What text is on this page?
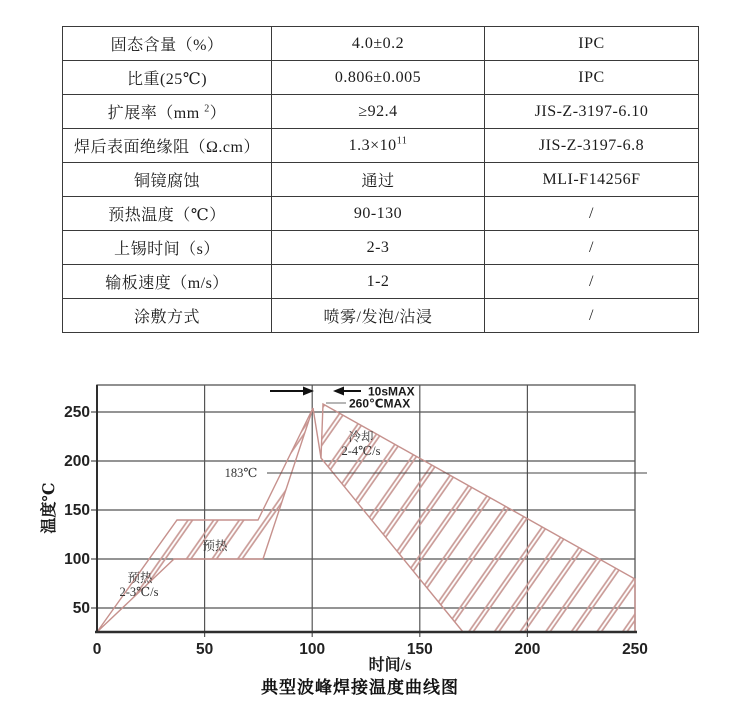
固态含量（%）	4.0±0.2	IPC
比重(25℃)	0.806±0.005	IPC
扩展率（mm $^2$）	≥92.4	JIS-Z-3197-6.10
焊后表面绝缘阻（Ω.cm）	$1.3\times 10^{11}$	JIS-Z-3197-6.8
铜镜腐蚀	通过	MLI-F14256F
预热温度（℃）	90-130	/
上锡时间（s）	2-3	/
输板速度（m/s）	1-2	/
涂敷方式	喷雾/发泡/沾浸	/
183℃
10sMAX
260℃MAX
冷却
2-4℃/s
预热
预热
2-3℃/s
250
200
150
100
50
0	50	100	150	200	250
温度℃
时间/s
典型波峰焊接温度曲线图
